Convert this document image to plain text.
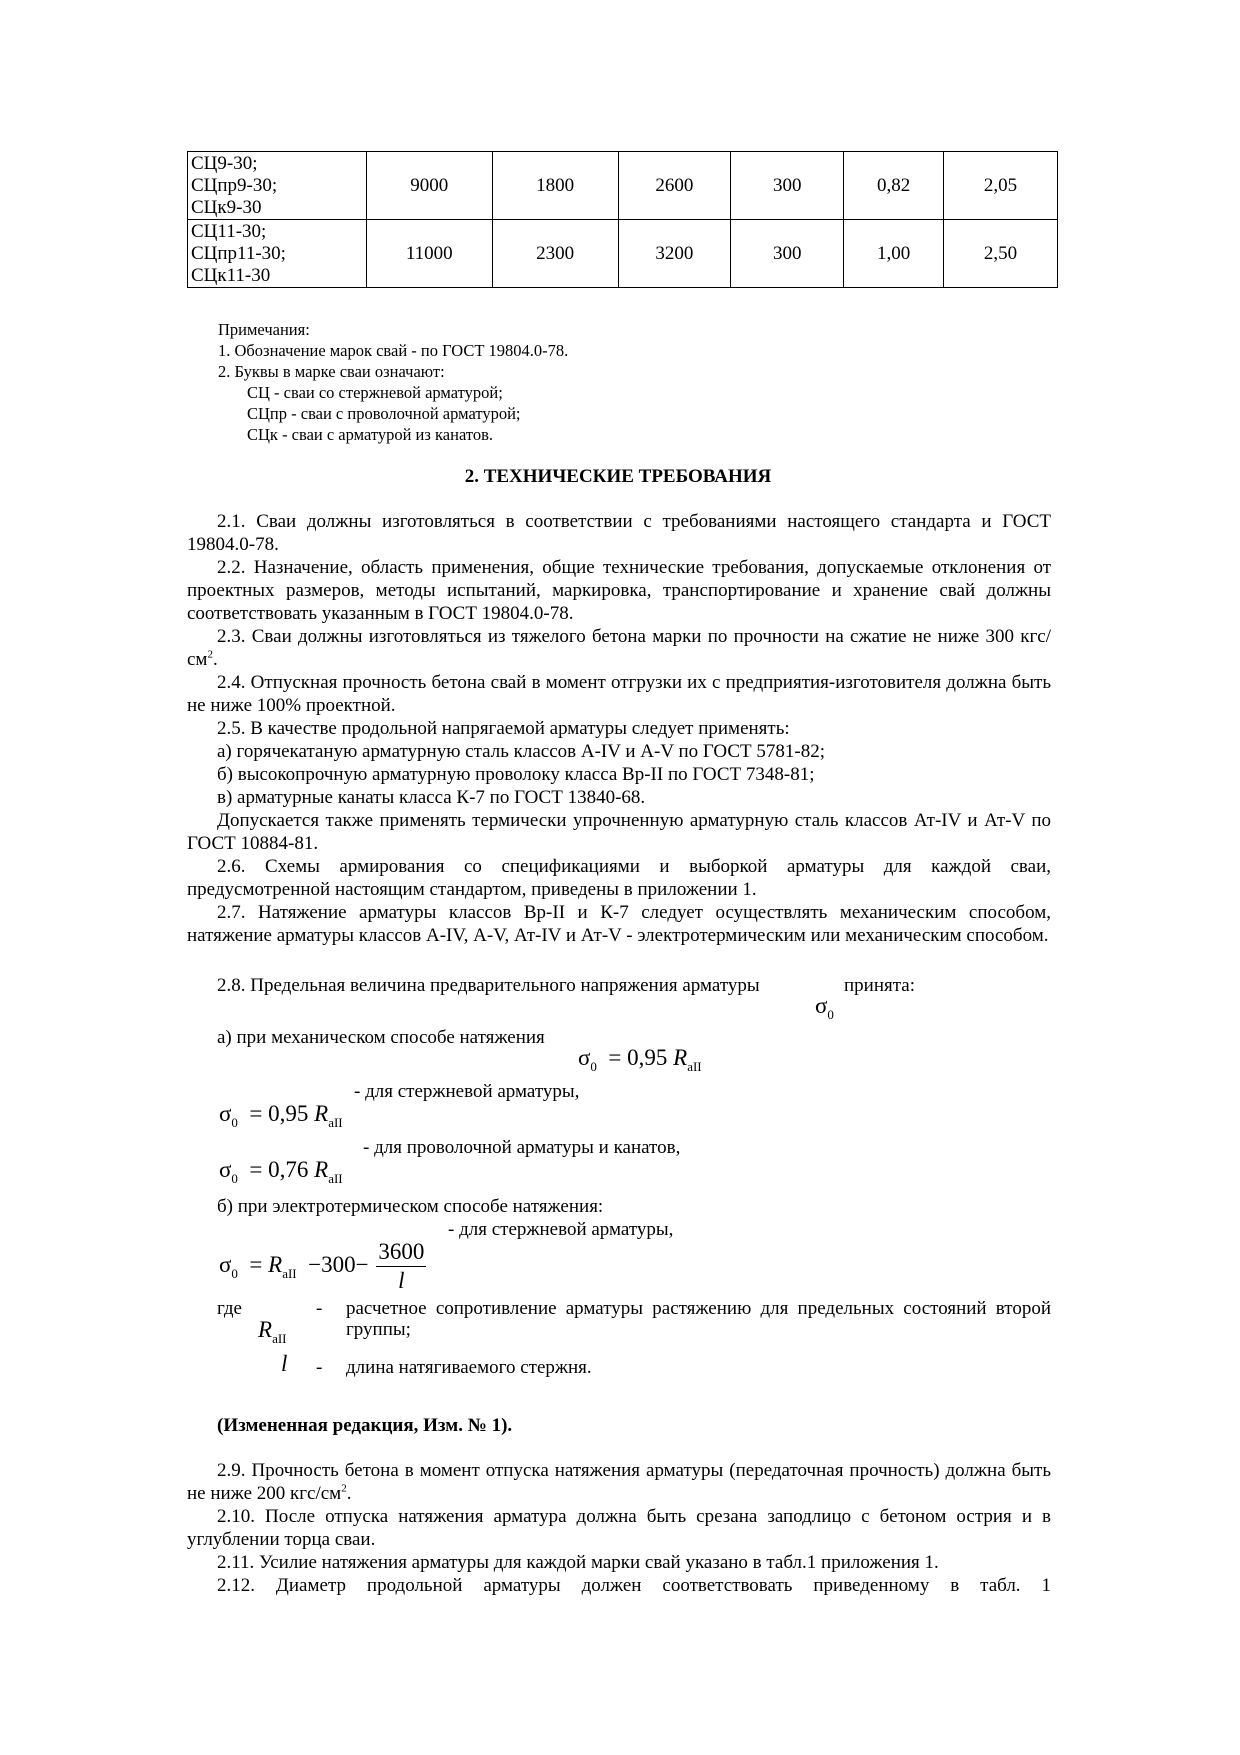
СЦ9-30;
СЦпр9-30;
СЦк9-30	9000	1800	2600	300	0,82	2,05
СЦ11-30;
СЦпр11-30;
СЦк11-30	11000	2300	3200	300	1,00	2,50
Примечания:
1. Обозначение марок свай - по ГОСТ 19804.0-78.
2. Буквы в марке сваи означают:
СЦ - сваи со стержневой арматурой;
СЦпр - сваи с проволочной арматурой;
СЦк - сваи с арматурой из канатов.
2. ТЕХНИЧЕСКИЕ ТРЕБОВАНИЯ

2.1. Сваи должны изготовляться в соответствии с требованиями настоящего стандарта и ГОСТ 19804.0-78.

2.2. Назначение, область применения, общие технические требования, допускаемые отклонения от проектных размеров, методы испытаний, маркировка, транспортирование и хранение свай должны соответствовать указанным в ГОСТ 19804.0-78.

2.3. Сваи должны изготовляться из тяжелого бетона марки по прочности на сжатие не ниже 300 кгс/$см^2$.

2.4. Отпускная прочность бетона свай в момент отгрузки их с предприятия-изготовителя должна быть не ниже 100% проектной.

2.5. В качестве продольной напрягаемой арматуры следует применять:

а) горячекатаную арматурную сталь классов А-IV и А-V по ГОСТ 5781-82;

б) высокопрочную арматурную проволоку класса Вр-II по ГОСТ 7348-81;

в) арматурные канаты класса К-7 по ГОСТ 13840-68.

Допускается также применять термически упрочненную арматурную сталь классов Ат-IV и Ат-V по ГОСТ 10884-81.

2.6. Схемы армирования со спецификациями и выборкой арматуры для каждой сваи, предусмотренной настоящим стандартом, приведены в приложении 1.

2.7. Натяжение арматуры классов Вр-II и К-7 следует осуществлять механическим способом, натяжение арматуры классов А-IV, А-V, Ат-IV и Ат-V - электротермическим или механическим способом.

2.8. Предельная величина предварительного напряжения арматуры	принята:
$\sigma_0$
а) при механическом способе натяжения
$\sigma_0 = 0,95$ $R_{aII}$
- для стержневой арматуры,
$\sigma_0 = 0,95$ $R_{aII}$
- для проволочной арматуры и канатов,
$\sigma_0 = 0,76$ $R_{aII}$
б) при электротермическом способе натяжения:
- для стержневой арматуры,
$\sigma_0 = R_{aII} -300- \frac{3600}{l}$
где	- расчетное сопротивление арматуры растяжению для предельных состояний второй группы;
$R_{aII}$
l - длина натягиваемого стержня.
(Измененная редакция, Изм. № 1).

2.9. Прочность бетона в момент отпуска натяжения арматуры (передаточная прочность) должна быть не ниже 200 кгс/$см^2$.

2.10. После отпуска натяжения арматура должна быть срезана заподлицо с бетоном острия и в углублении торца сваи.

2.11. Усилие натяжения арматуры для каждой марки свай указано в табл.1 приложения 1.

2.12. Диаметр продольной арматуры должен соответствовать приведенному в табл. 1
